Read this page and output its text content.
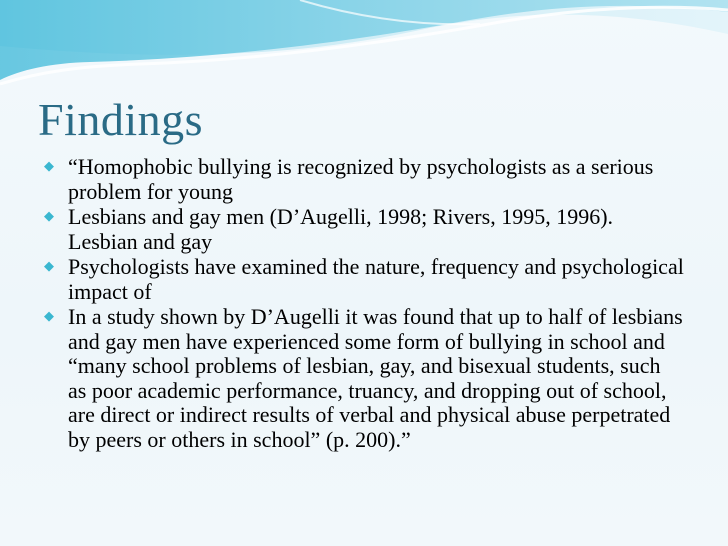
Findings
◆ “Homophobic bullying is recognized by psychologists as a serious problem for young
◆ Lesbians and gay men (D’Augelli, 1998; Rivers, 1995, 1996). Lesbian and gay
◆ Psychologists have examined the nature, frequency and psychological impact of
◆ In a study shown by D’Augelli it was found that up to half of lesbians and gay men have experienced some form of bullying in school and “many school problems of lesbian, gay, and bisexual students, such as poor academic performance, truancy, and dropping out of school, are direct or indirect results of verbal and physical abuse perpetrated by peers or others in school” (p. 200).”
